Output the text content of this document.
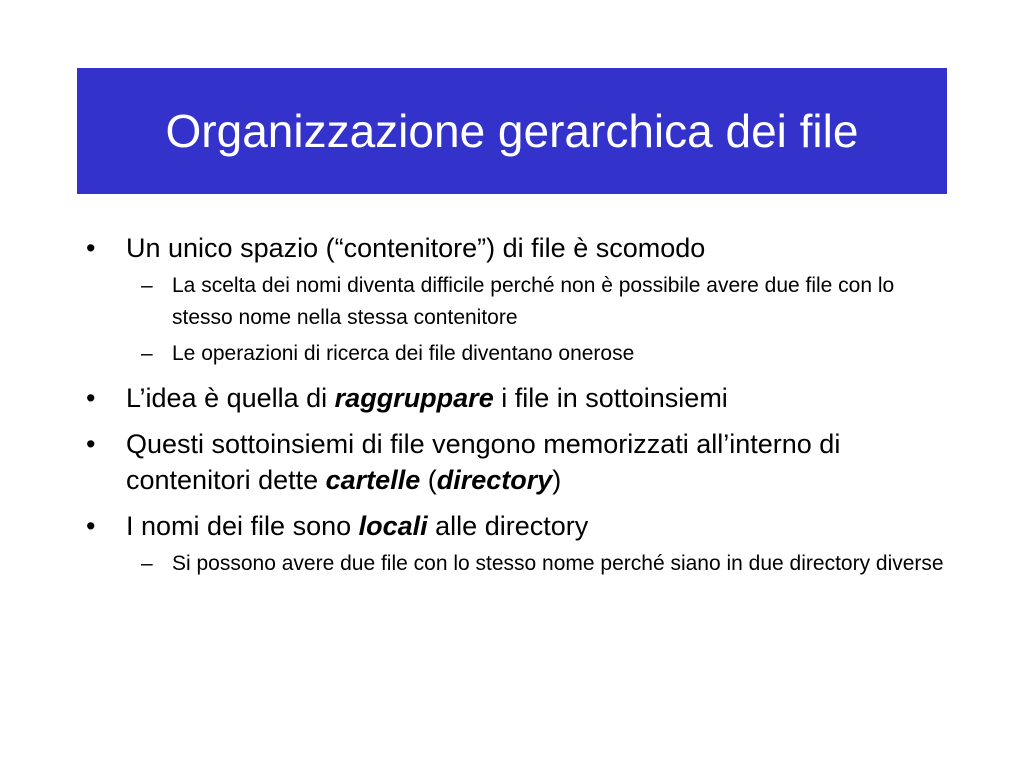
Organizzazione gerarchica dei file
• Un unico spazio (“contenitore”) di file è scomodo
– La scelta dei nomi diventa difficile perché non è possibile avere due file con lo stesso nome nella stessa contenitore
– Le operazioni di ricerca dei file diventano onerose
• L’idea è quella di raggruppare i file in sottoinsiemi
• Questi sottoinsiemi di file vengono memorizzati all’interno di contenitori dette cartelle (directory)
• I nomi dei file sono locali alle directory
– Si possono avere due file con lo stesso nome perché siano in due directory diverse
